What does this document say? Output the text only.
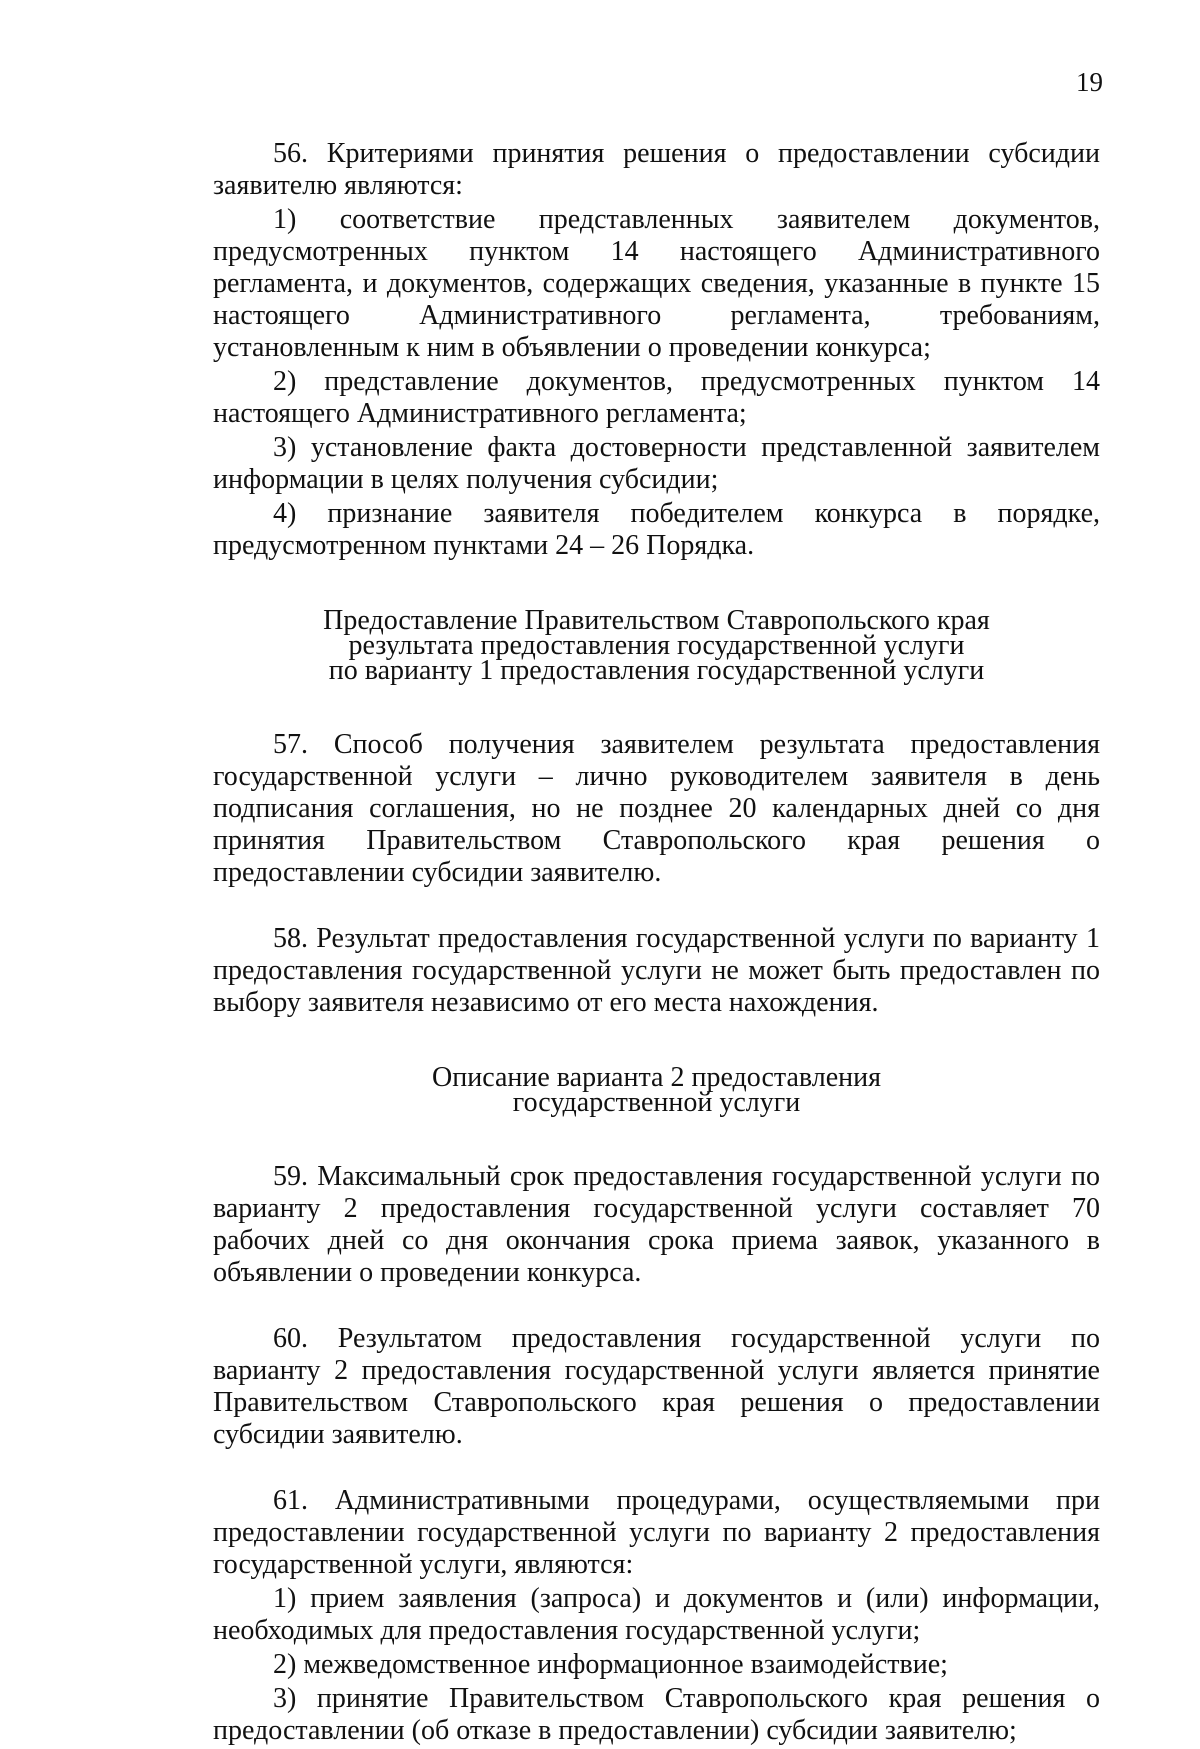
19

56. Критериями принятия решения о предоставлении субсидии заявителю являются:

1) соответствие представленных заявителем документов, предусмотренных пунктом 14 настоящего Административного регламента, и документов, содержащих сведения, указанные в пункте 15 настоящего Административного регламента, требованиям, установленным к ним в объявлении о проведении конкурса;

2) представление документов, предусмотренных пунктом 14 настоящего Административного регламента;

3) установление факта достоверности представленной заявителем информации в целях получения субсидии;

4) признание заявителя победителем конкурса в порядке, предусмотренном пунктами 24 – 26 Порядка.

Предоставление Правительством Ставропольского края
результата предоставления государственной услуги
по варианту 1 предоставления государственной услуги

57. Способ получения заявителем результата предоставления государственной услуги – лично руководителем заявителя в день подписания соглашения, но не позднее 20 календарных дней со дня принятия Правительством Ставропольского края решения о предоставлении субсидии заявителю.

58. Результат предоставления государственной услуги по варианту 1 предоставления государственной услуги не может быть предоставлен по выбору заявителя независимо от его места нахождения.

Описание варианта 2 предоставления
государственной услуги

59. Максимальный срок предоставления государственной услуги по варианту 2 предоставления государственной услуги составляет 70 рабочих дней со дня окончания срока приема заявок, указанного в объявлении о проведении конкурса.

60. Результатом предоставления государственной услуги по варианту 2 предоставления государственной услуги является принятие Правительством Ставропольского края решения о предоставлении субсидии заявителю.

61. Административными процедурами, осуществляемыми при предоставлении государственной услуги по варианту 2 предоставления государственной услуги, являются:

1) прием заявления (запроса) и документов и (или) информации, необходимых для предоставления государственной услуги;

2) межведомственное информационное взаимодействие;

3) принятие Правительством Ставропольского края решения о предоставлении (об отказе в предоставлении) субсидии заявителю;
